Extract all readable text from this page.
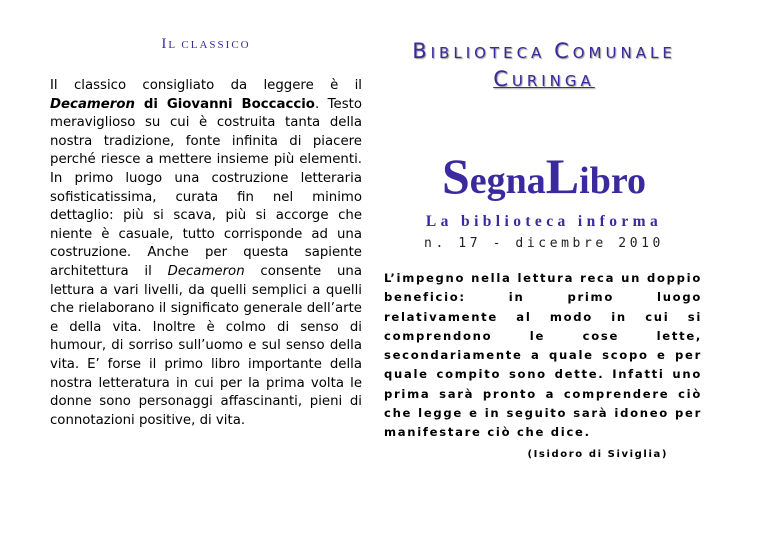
IL CLASSICO

Il classico consigliato da leggere è il Decameron di Giovanni Boccaccio. Testo meraviglioso su cui è costruita tanta della nostra tradizione, fonte infinita di piacere perché riesce a mettere insieme più elementi. In primo luogo una costruzione letteraria sofisticatissima, curata fin nel minimo dettaglio: più si scava, più si accorge che niente è casuale, tutto corrisponde ad una costruzione. Anche per questa sapiente architettura il Decameron consente una lettura a vari livelli, da quelli semplici a quelli che rielaborano il significato generale dell’arte e della vita. Inoltre è colmo di senso di humour, di sorriso sull’uomo e sul senso della vita. E’ forse il primo libro importante della nostra letteratura in cui per la prima volta le donne sono personaggi affascinanti, pieni di connotazioni positive, di vita.

BIBLIOTECA COMUNALE
CURINGA
SegnaLibro
La biblioteca informa
n. 17 - dicembre 2010

L’impegno nella lettura reca un doppio beneficio: in primo luogo relativamente al modo in cui si comprendono le cose lette, secondariamente a quale scopo e per quale compito sono dette. Infatti uno prima sarà pronto a comprendere ciò che legge e in seguito sarà idoneo per manifestare ciò che dice.

(Isidoro di Siviglia)
